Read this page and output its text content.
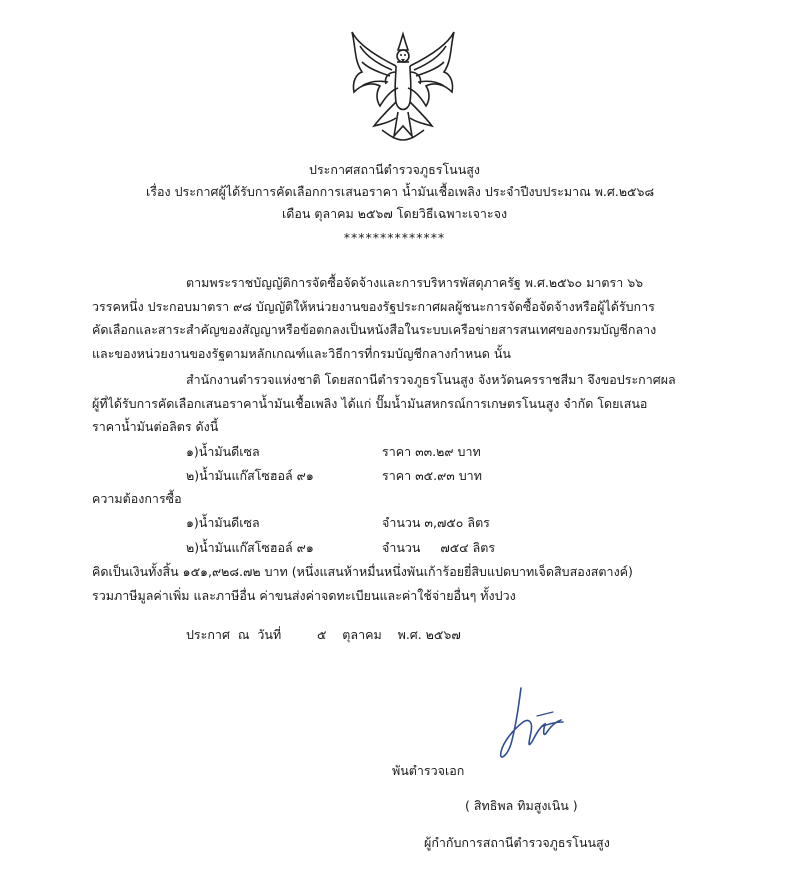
ประกาศสถานีตำรวจภูธรโนนสูง
เรื่อง ประกาศผู้ได้รับการคัดเลือกการเสนอราคา น้ำมันเชื้อเพลิง ประจำปีงบประมาณ พ.ศ.๒๕๖๘
เดือน ตุลาคม ๒๕๖๗ โดยวิธีเฉพาะเจาะจง
**************
ตามพระราชบัญญัติการจัดซื้อจัดจ้างและการบริหารพัสดุภาครัฐ พ.ศ.๒๕๖๐ มาตรา ๖๖
วรรคหนึ่ง ประกอบมาตรา ๙๘ บัญญัติให้หน่วยงานของรัฐประกาศผลผู้ชนะการจัดซื้อจัดจ้างหรือผู้ได้รับการ
คัดเลือกและสาระสำคัญของสัญญาหรือข้อตกลงเป็นหนังสือในระบบเครือข่ายสารสนเทศของกรมบัญชีกลาง
และของหน่วยงานของรัฐตามหลักเกณฑ์และวิธีการที่กรมบัญชีกลางกำหนด นั้น
สำนักงานตำรวจแห่งชาติ โดยสถานีตำรวจภูธรโนนสูง จังหวัดนครราชสีมา จึงขอประกาศผล
ผู้ที่ได้รับการคัดเลือกเสนอราคาน้ำมันเชื้อเพลิง ได้แก่ ปั๊มน้ำมันสหกรณ์การเกษตรโนนสูง จำกัด โดยเสนอ
ราคาน้ำมันต่อลิตร ดังนี้
๑)น้ำมันดีเซล	ราคา ๓๓.๒๙ บาท
๒)น้ำมันแก๊สโซฮอล์ ๙๑	ราคา ๓๕.๙๓ บาท
ความต้องการซื้อ
๑)น้ำมันดีเซล	จำนวน ๓,๗๕๐ ลิตร
๒)น้ำมันแก๊สโซฮอล์ ๙๑	จำนวน     ๗๕๔ ลิตร
คิดเป็นเงินทั้งสิ้น ๑๕๑,๙๒๘.๗๒ บาท (หนึ่งแสนห้าหมื่นหนึ่งพันเก้าร้อยยี่สิบแปดบาทเจ็ดสิบสองสตางค์)
รวมภาษีมูลค่าเพิ่ม และภาษีอื่น ค่าขนส่งค่าจดทะเบียนและค่าใช้จ่ายอื่นๆ ทั้งปวง
ประกาศ  ณ  วันที่         ๕    ตุลาคม    พ.ศ. ๒๕๖๗
พันตำรวจเอก
( สิทธิพล ทิมสูงเนิน )
ผู้กำกับการสถานีตำรวจภูธรโนนสูง
